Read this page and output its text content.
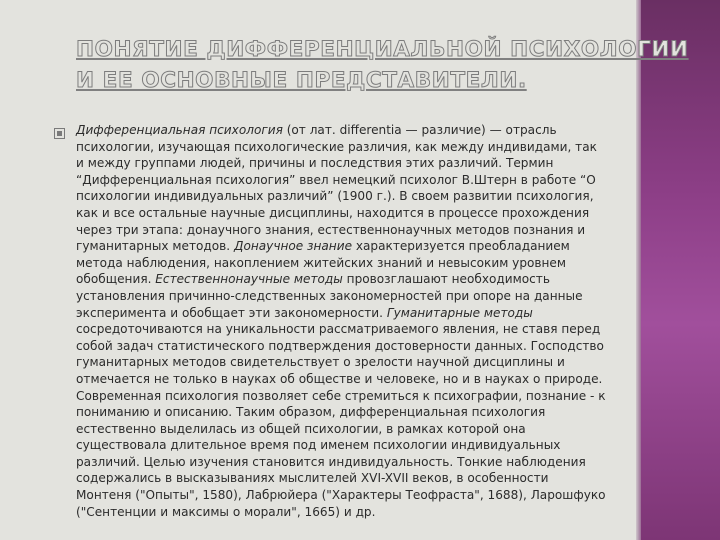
ПОНЯТИЕ ДИФФЕРЕНЦИАЛЬНОЙ ПСИХОЛОГИИ И ЕЕ ОСНОВНЫЕ ПРЕДСТАВИТЕЛИ.

Дифференциальная психология (от лат. differentia — различие) — отрасль психологии, изучающая психологические различия, как между индивидами, так и между группами людей, причины и последствия этих различий. Термин “Дифференциальная психология” ввел немецкий психолог В.Штерн в работе “О психологии индивидуальных различий” (1900 г.). В своем развитии психология, как и все остальные научные дисциплины, находится в процессе прохождения через три этапа: донаучного знания, естественнонаучных методов познания и гуманитарных методов. Донаучное знание характеризуется преобладанием метода наблюдения, накоплением житейских знаний и невысоким уровнем обобщения. Естественнонаучные методы провозглашают необходимость установления причинно-следственных закономерностей при опоре на данные эксперимента и обобщает эти закономерности. Гуманитарные методы сосредоточиваются на уникальности рассматриваемого явления, не ставя перед собой задач статистического подтверждения достоверности данных. Господство гуманитарных методов свидетельствует о зрелости научной дисциплины и отмечается не только в науках об обществе и человеке, но и в науках о природе. Современная психология позволяет себе стремиться к психографии, познание - к пониманию и описанию. Таким образом, дифференциальная психология естественно выделилась из общей психологии, в рамках которой она существовала длительное время под именем психологии индивидуальных различий. Целью изучения становится индивидуальность. Тонкие наблюдения содержались в высказываниях мыслителей XVI-XVII веков, в особенности Монтеня ("Опыты", 1580), Лабрюйера ("Характеры Теофраста", 1688), Ларошфуко ("Сентенции и максимы о морали", 1665) и др.
